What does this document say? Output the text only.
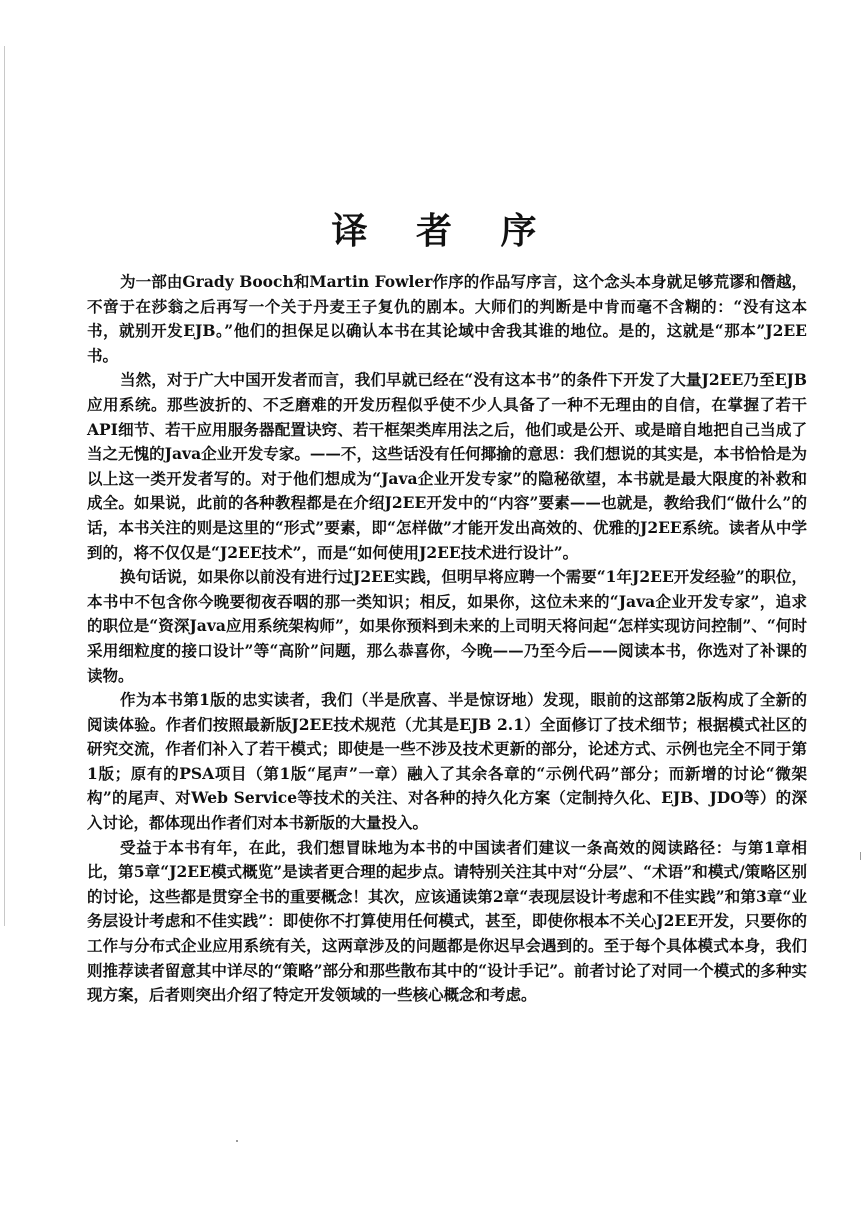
译 者 序

为一部由Grady Booch和Martin Fowler作序的作品写序言，这个念头本身就足够荒谬和僭越，不啻于在莎翁之后再写一个关于丹麦王子复仇的剧本。大师们的判断是中肯而毫不含糊的：“没有这本书，就别开发EJB。”他们的担保足以确认本书在其论域中舍我其谁的地位。是的，这就是“那本”J2EE书。

当然，对于广大中国开发者而言，我们早就已经在“没有这本书”的条件下开发了大量J2EE乃至EJB应用系统。那些波折的、不乏磨难的开发历程似乎使不少人具备了一种不无理由的自信，在掌握了若干API细节、若干应用服务器配置诀窍、若干框架类库用法之后，他们或是公开、或是暗自地把自己当成了当之无愧的Java企业开发专家。——不，这些话没有任何揶揄的意思：我们想说的其实是，本书恰恰是为以上这一类开发者写的。对于他们想成为“Java企业开发专家”的隐秘欲望，本书就是最大限度的补救和成全。如果说，此前的各种教程都是在介绍J2EE开发中的“内容”要素——也就是，教给我们“做什么”的话，本书关注的则是这里的“形式”要素，即“怎样做”才能开发出高效的、优雅的J2EE系统。读者从中学到的，将不仅仅是“J2EE技术”，而是“如何使用J2EE技术进行设计”。

换句话说，如果你以前没有进行过J2EE实践，但明早将应聘一个需要“1年J2EE开发经验”的职位，本书中不包含你今晚要彻夜吞咽的那一类知识；相反，如果你，这位未来的“Java企业开发专家”，追求的职位是“资深Java应用系统架构师”，如果你预料到未来的上司明天将问起“怎样实现访问控制”、“何时采用细粒度的接口设计”等“高阶”问题，那么恭喜你，今晚——乃至今后——阅读本书，你选对了补课的读物。

作为本书第1版的忠实读者，我们（半是欣喜、半是惊讶地）发现，眼前的这部第2版构成了全新的阅读体验。作者们按照最新版J2EE技术规范（尤其是EJB 2.1）全面修订了技术细节；根据模式社区的研究交流，作者们补入了若干模式；即使是一些不涉及技术更新的部分，论述方式、示例也完全不同于第1版；原有的PSA项目（第1版“尾声”一章）融入了其余各章的“示例代码”部分；而新增的讨论“微架构”的尾声、对Web Service等技术的关注、对各种的持久化方案（定制持久化、EJB、JDO等）的深入讨论，都体现出作者们对本书新版的大量投入。

受益于本书有年，在此，我们想冒昧地为本书的中国读者们建议一条高效的阅读路径：与第1章相比，第5章“J2EE模式概览”是读者更合理的起步点。请特别关注其中对“分层”、“术语”和模式/策略区别的讨论，这些都是贯穿全书的重要概念！其次，应该通读第2章“表现层设计考虑和不佳实践”和第3章“业务层设计考虑和不佳实践”：即使你不打算使用任何模式，甚至，即使你根本不关心J2EE开发，只要你的工作与分布式企业应用系统有关，这两章涉及的问题都是你迟早会遇到的。至于每个具体模式本身，我们则推荐读者留意其中详尽的“策略”部分和那些散布其中的“设计手记”。前者讨论了对同一个模式的多种实现方案，后者则突出介绍了特定开发领域的一些核心概念和考虑。
